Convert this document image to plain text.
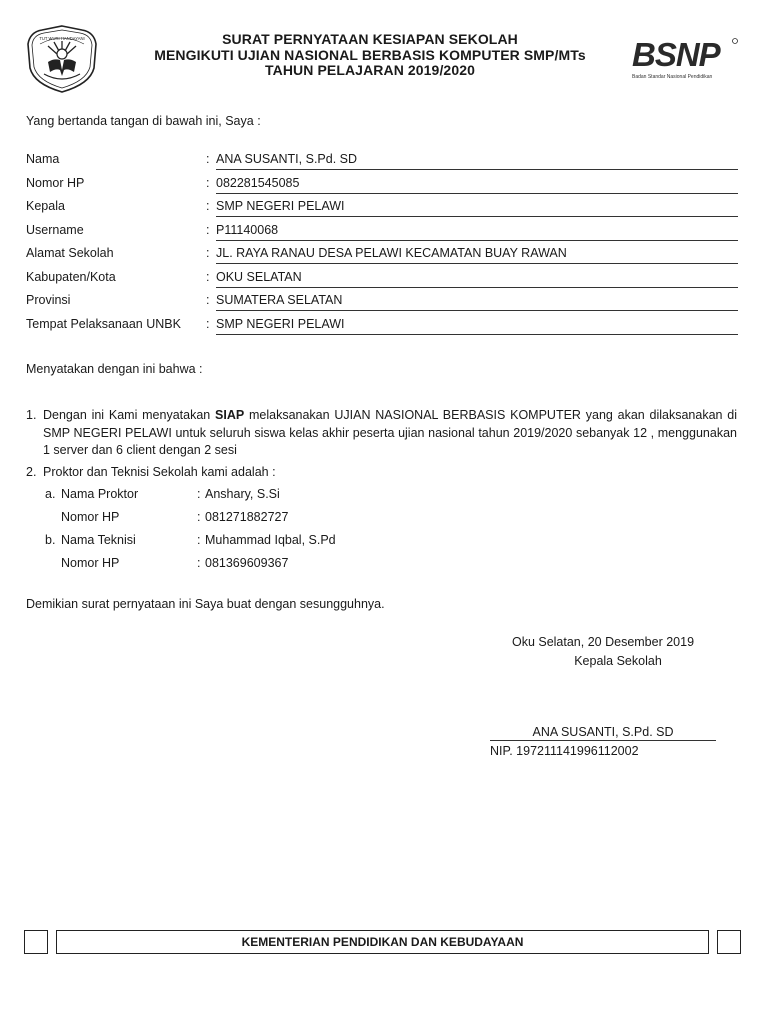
TUT WURI HANDAYANI	SURAT PERNYATAAN KESIAPAN SEKOLAH
MENGIKUTI UJIAN NASIONAL BERBASIS KOMPUTER SMP/MTs
TAHUN PELAJARAN 2019/2020	BSNP
Badan Standar Nasional Pendidikan
Yang bertanda tangan di bawah ini, Saya :
Nama	: ANA SUSANTI, S.Pd. SD
Nomor HP	: 082281545085
Kepala	: SMP NEGERI PELAWI
Username	: P11140068
Alamat Sekolah	: JL. RAYA RANAU DESA PELAWI KECAMATAN BUAY RAWAN
Kabupaten/Kota	: OKU SELATAN
Provinsi	: SUMATERA SELATAN
Tempat Pelaksanaan UNBK : SMP NEGERI PELAWI
Menyatakan dengan ini bahwa :
1. Dengan ini Kami menyatakan SIAP melaksanakan UJIAN NASIONAL BERBASIS KOMPUTER yang akan dilaksanakan di SMP NEGERI PELAWI untuk seluruh siswa kelas akhir peserta ujian nasional tahun 2019/2020 sebanyak 12 , menggunakan 1 server dan 6 client dengan 2 sesi
2. Proktor dan Teknisi Sekolah kami adalah :
a. Nama Proktor	: Anshary, S.Si
Nomor HP	: 081271882727
b. Nama Teknisi	: Muhammad Iqbal, S.Pd
Nomor HP	: 081369609367
Demikian surat pernyataan ini Saya buat dengan sesungguhnya.
Oku Selatan, 20 Desember 2019
Kepala Sekolah
ANA SUSANTI, S.Pd. SD
NIP. 197211141996112002
KEMENTERIAN PENDIDIKAN DAN KEBUDAYAAN
